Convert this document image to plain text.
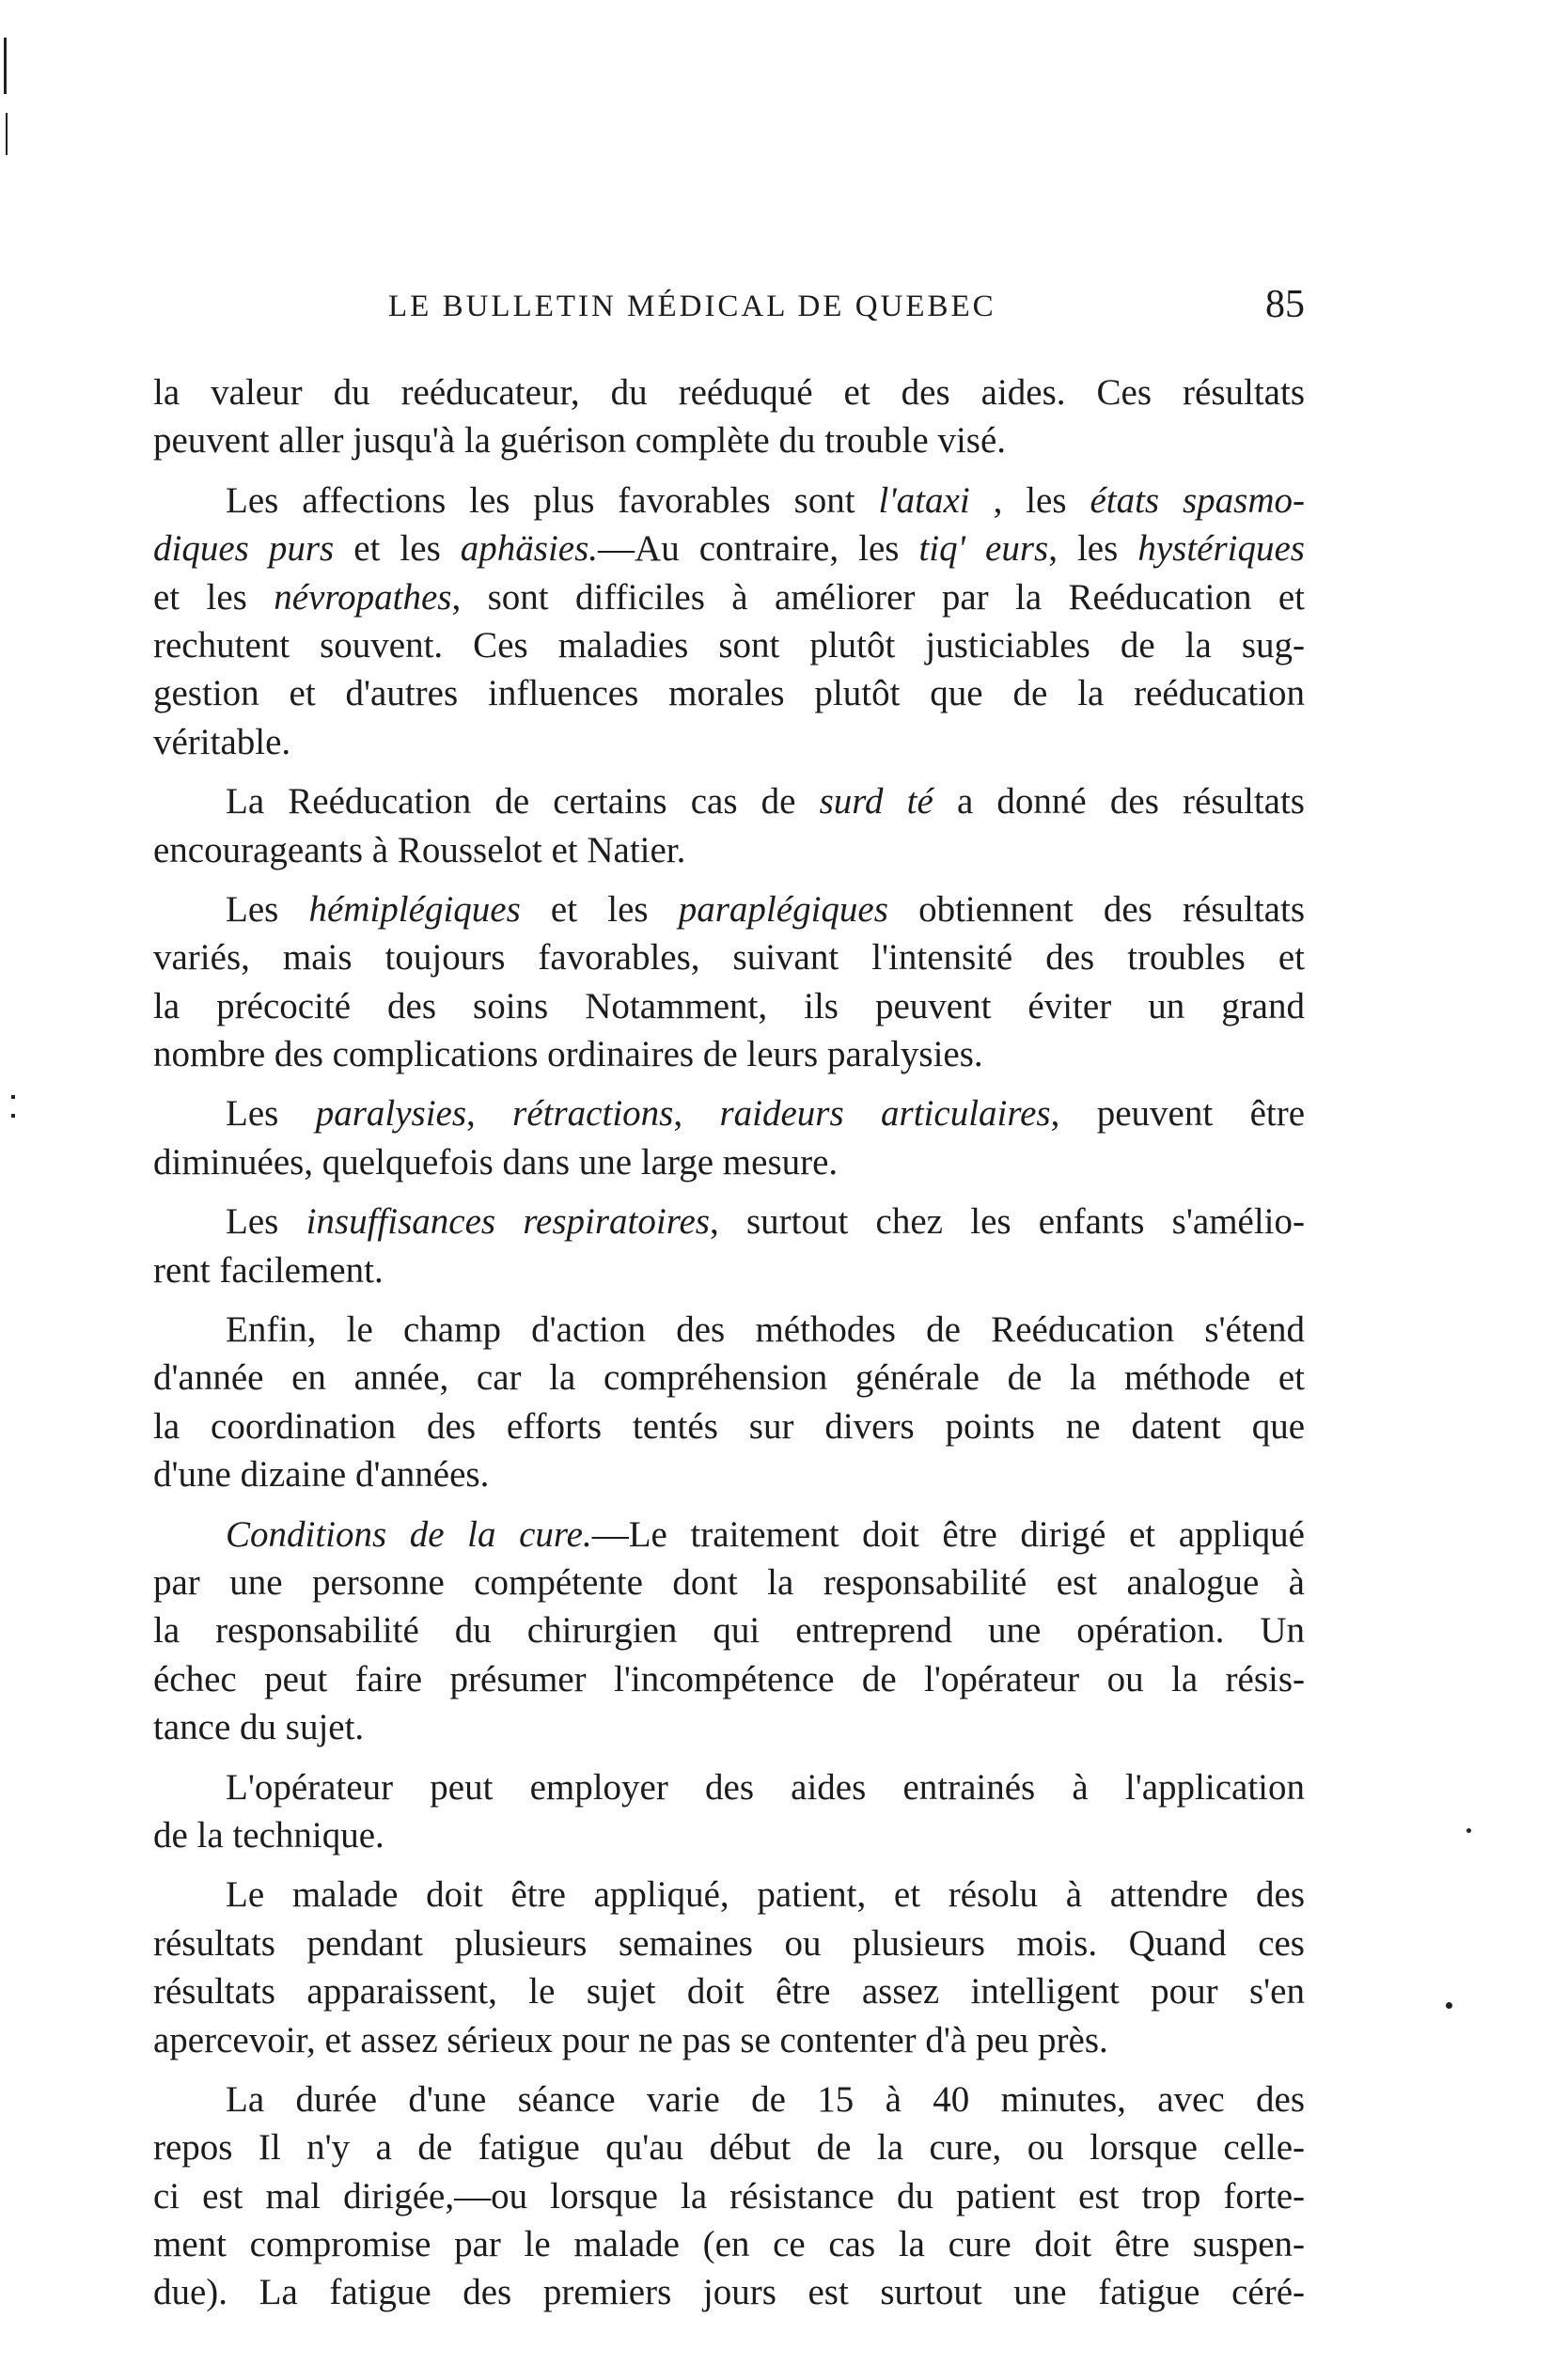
LE BULLETIN MÉDICAL DE QUEBEC	85
la valeur du reéducateur, du reéduqué et des aides. Ces résultats
peuvent aller jusqu'à la guérison complète du trouble visé.
Les affections les plus favorables sont l'ataxi , les états spasmo-
diques purs et les aphäsies.—Au contraire, les tiq' eurs, les hystériques
et les névropathes, sont difficiles à améliorer par la Reéducation et
rechutent souvent. Ces maladies sont plutôt justiciables de la sug-
gestion et d'autres influences morales plutôt que de la reéducation
véritable.
La Reéducation de certains cas de surd té a donné des résultats
encourageants à Rousselot et Natier.
Les hémiplégiques et les paraplégiques obtiennent des résultats
variés, mais toujours favorables, suivant l'intensité des troubles et
la précocité des soins Notamment, ils peuvent éviter un grand
nombre des complications ordinaires de leurs paralysies.
Les paralysies, rétractions, raideurs articulaires, peuvent être
diminuées, quelquefois dans une large mesure.
Les insuffisances respiratoires, surtout chez les enfants s'amélio-
rent facilement.
Enfin, le champ d'action des méthodes de Reéducation s'étend
d'année en année, car la compréhension générale de la méthode et
la coordination des efforts tentés sur divers points ne datent que
d'une dizaine d'années.
Conditions de la cure.—Le traitement doit être dirigé et appliqué
par une personne compétente dont la responsabilité est analogue à
la responsabilité du chirurgien qui entreprend une opération. Un
échec peut faire présumer l'incompétence de l'opérateur ou la résis-
tance du sujet.
L'opérateur peut employer des aides entrainés à l'application
de la technique.
Le malade doit être appliqué, patient, et résolu à attendre des
résultats pendant plusieurs semaines ou plusieurs mois. Quand ces
résultats apparaissent, le sujet doit être assez intelligent pour s'en
apercevoir, et assez sérieux pour ne pas se contenter d'à peu près.
La durée d'une séance varie de 15 à 40 minutes, avec des
repos Il n'y a de fatigue qu'au début de la cure, ou lorsque celle-
ci est mal dirigée,—ou lorsque la résistance du patient est trop forte-
ment compromise par le malade (en ce cas la cure doit être suspen-
due). La fatigue des premiers jours est surtout une fatigue céré-
